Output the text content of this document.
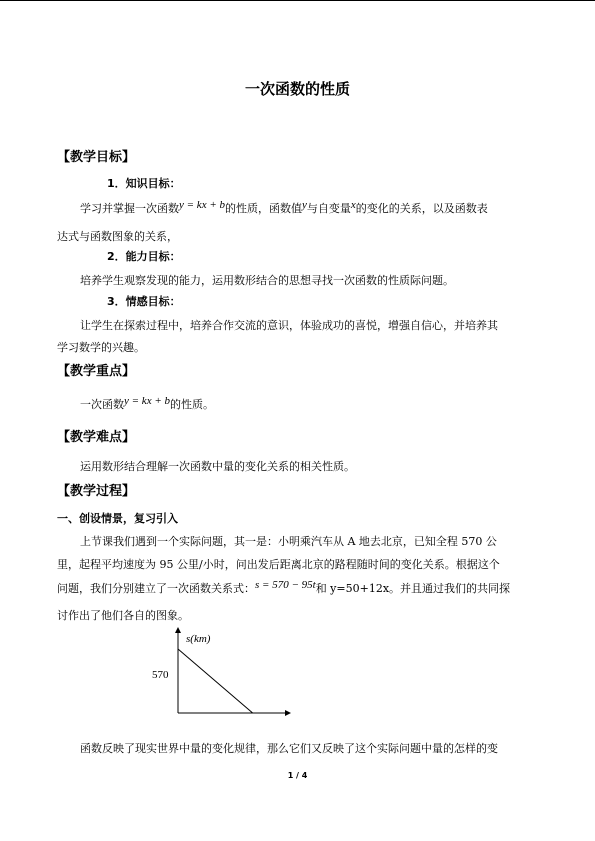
一次函数的性质
【教学目标】
1．知识目标：
学习并掌握一次函数y = kx + b的性质，函数值y与自变量x的变化的关系，以及函数表
达式与函数图象的关系，
2．能力目标：
培养学生观察发现的能力，运用数形结合的思想寻找一次函数的性质际问题。
3．情感目标：
让学生在探索过程中，培养合作交流的意识，体验成功的喜悦，增强自信心，并培养其
学习数学的兴趣。
【教学重点】
一次函数y = kx + b的性质。
【教学难点】
运用数形结合理解一次函数中量的变化关系的相关性质。
【教学过程】
一、创设情景，复习引入
上节课我们遇到一个实际问题，其一是：小明乘汽车从 A 地去北京，已知全程 570 公
里，起程平均速度为 95 公里/小时，问出发后距离北京的路程随时间的变化关系。根据这个
问题，我们分别建立了一次函数关系式：s = 570 − 95t和 y=50+12x。并且通过我们的共同探
讨作出了他们各自的图象。
s(km)
570
函数反映了现实世界中量的变化规律，那么它们又反映了这个实际问题中量的怎样的变
1 / 4
